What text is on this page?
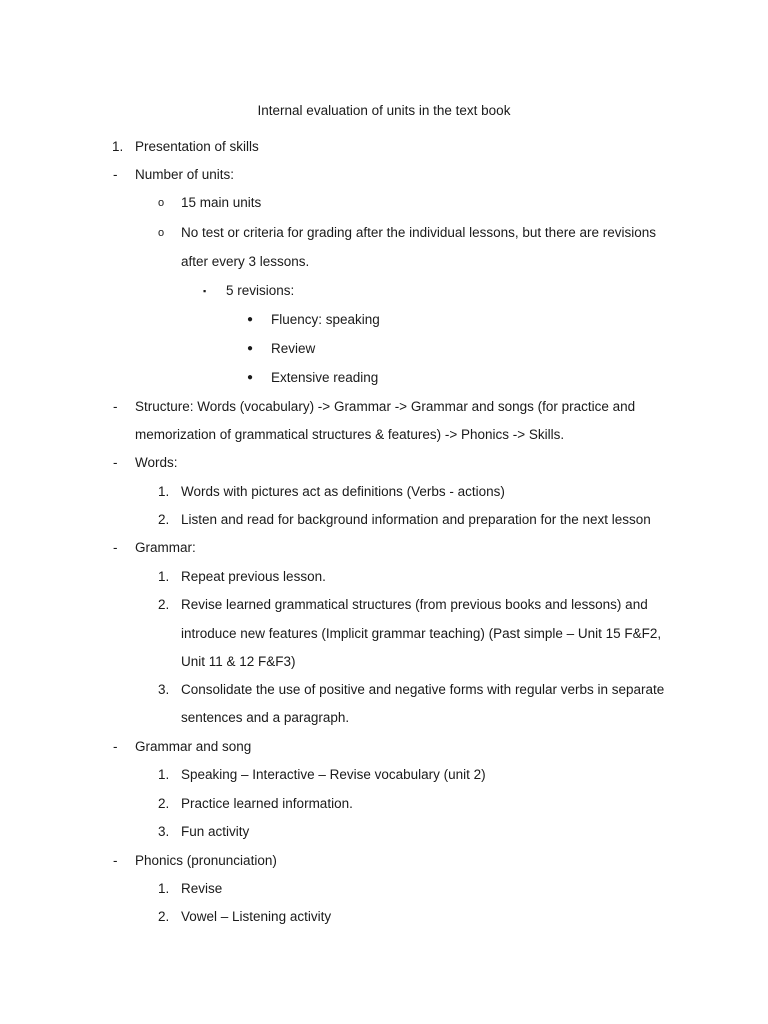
Internal evaluation of units in the text book
1. Presentation of skills
- Number of units:
o 15 main units
o No test or criteria for grading after the individual lessons, but there are revisions
after every 3 lessons.
▪ 5 revisions:
● Fluency: speaking
● Review
● Extensive reading
- Structure: Words (vocabulary) -> Grammar -> Grammar and songs (for practice and
memorization of grammatical structures & features) -> Phonics -> Skills.
- Words:
1. Words with pictures act as definitions (Verbs - actions)
2. Listen and read for background information and preparation for the next lesson
- Grammar:
1. Repeat previous lesson.
2. Revise learned grammatical structures (from previous books and lessons) and
introduce new features (Implicit grammar teaching) (Past simple – Unit 15 F&F2,
Unit 11 & 12 F&F3)
3. Consolidate the use of positive and negative forms with regular verbs in separate
sentences and a paragraph.
- Grammar and song
1. Speaking – Interactive – Revise vocabulary (unit 2)
2. Practice learned information.
3. Fun activity
- Phonics (pronunciation)
1. Revise
2. Vowel – Listening activity
